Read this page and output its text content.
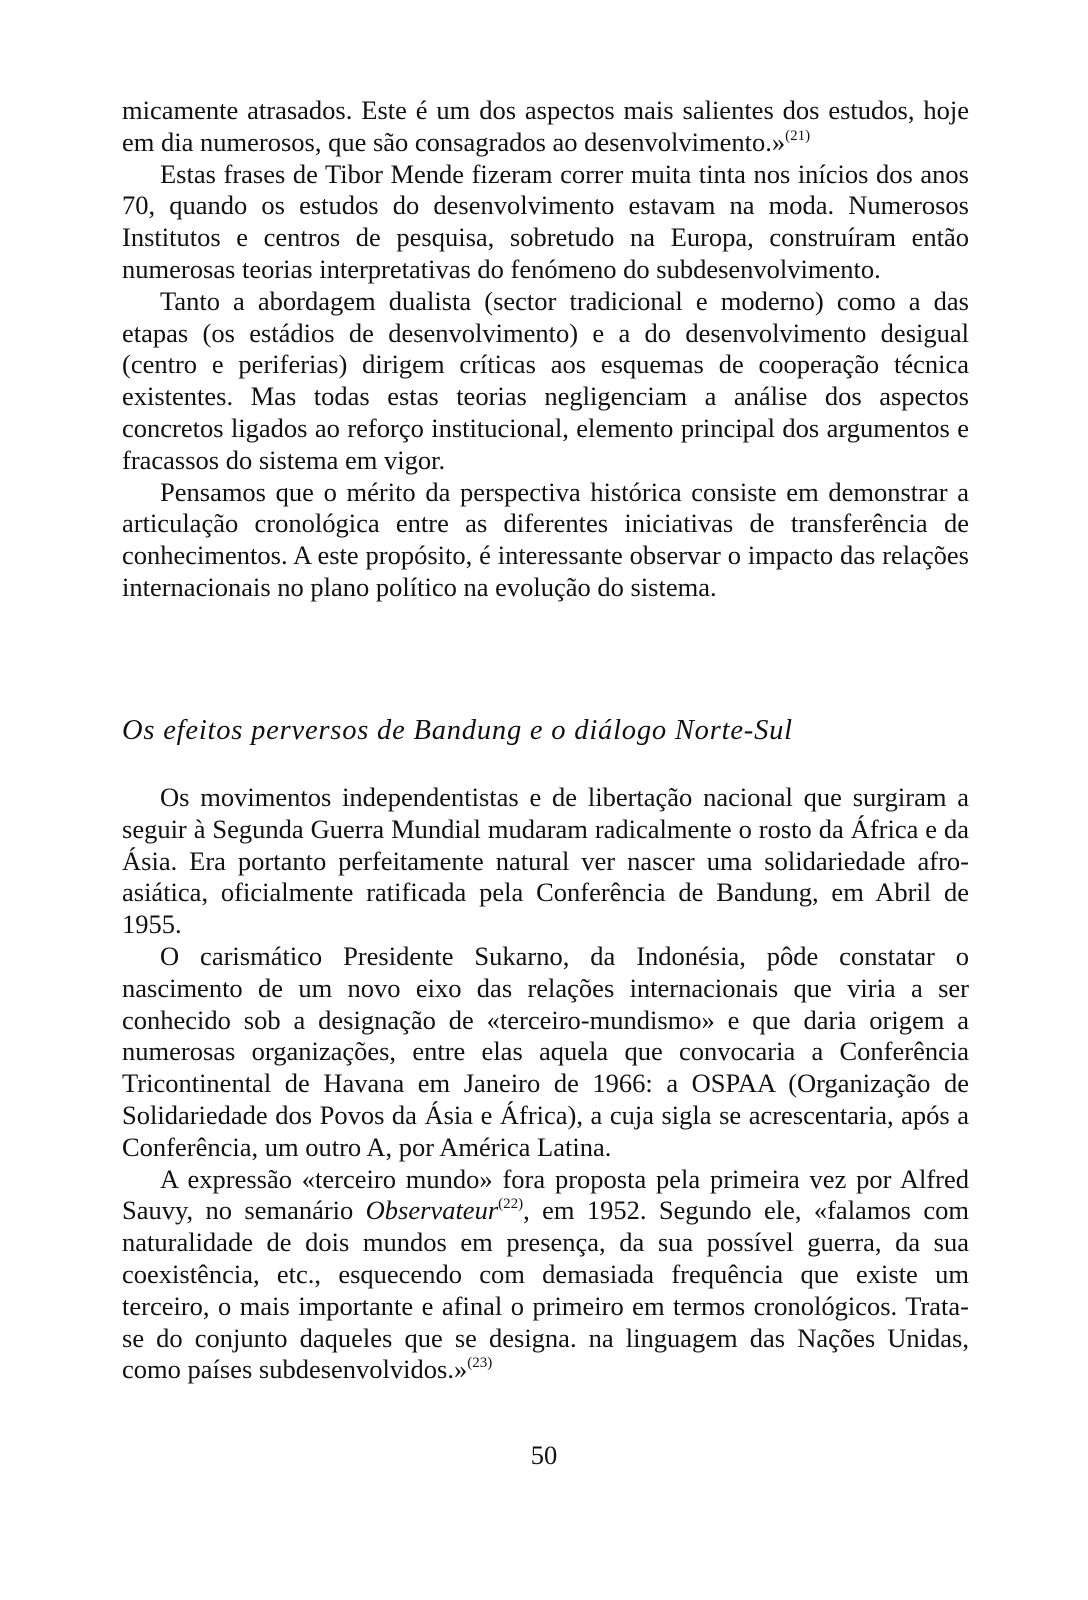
micamente atrasados. Este é um dos aspectos mais salientes dos estudos, hoje em dia numerosos, que são consagrados ao desenvolvimento.»$^{(21)}$

Estas frases de Tibor Mende fizeram correr muita tinta nos inícios dos anos 70, quando os estudos do desenvolvimento estavam na moda. Numerosos Institutos e centros de pesquisa, sobretudo na Europa, construíram então numerosas teorias interpretativas do fenómeno do subdesenvolvimento.

Tanto a abordagem dualista (sector tradicional e moderno) como a das etapas (os estádios de desenvolvimento) e a do desenvolvimento desigual (centro e periferias) dirigem críticas aos esquemas de cooperação técnica existentes. Mas todas estas teorias negligenciam a análise dos aspectos concretos ligados ao reforço institucional, elemento principal dos argumentos e fracassos do sistema em vigor.

Pensamos que o mérito da perspectiva histórica consiste em demonstrar a articulação cronológica entre as diferentes iniciativas de transferência de conhecimentos. A este propósito, é interessante observar o impacto das relações internacionais no plano político na evolução do sistema.

Os efeitos perversos de Bandung e o diálogo Norte-Sul

Os movimentos independentistas e de libertação nacional que surgiram a seguir à Segunda Guerra Mundial mudaram radicalmente o rosto da África e da Ásia. Era portanto perfeitamente natural ver nascer uma solidariedade afro-asiática, oficialmente ratificada pela Conferência de Bandung, em Abril de 1955.

O carismático Presidente Sukarno, da Indonésia, pôde constatar o nascimento de um novo eixo das relações internacionais que viria a ser conhecido sob a designação de «terceiro-mundismo» e que daria origem a numerosas organizações, entre elas aquela que convocaria a Conferência Tricontinental de Havana em Janeiro de 1966: a OSPAA (Organização de Solidariedade dos Povos da Ásia e África), a cuja sigla se acrescentaria, após a Conferência, um outro A, por América Latina.

A expressão «terceiro mundo» fora proposta pela primeira vez por Alfred Sauvy, no semanário Observateur$^{(22)}$, em 1952. Segundo ele, «falamos com naturalidade de dois mundos em presença, da sua possível guerra, da sua coexistência, etc., esquecendo com demasiada frequência que existe um terceiro, o mais importante e afinal o primeiro em termos cronológicos. Trata-se do conjunto daqueles que se designa. na linguagem das Nações Unidas, como países subdesenvolvidos.»$^{(23)}$

50
